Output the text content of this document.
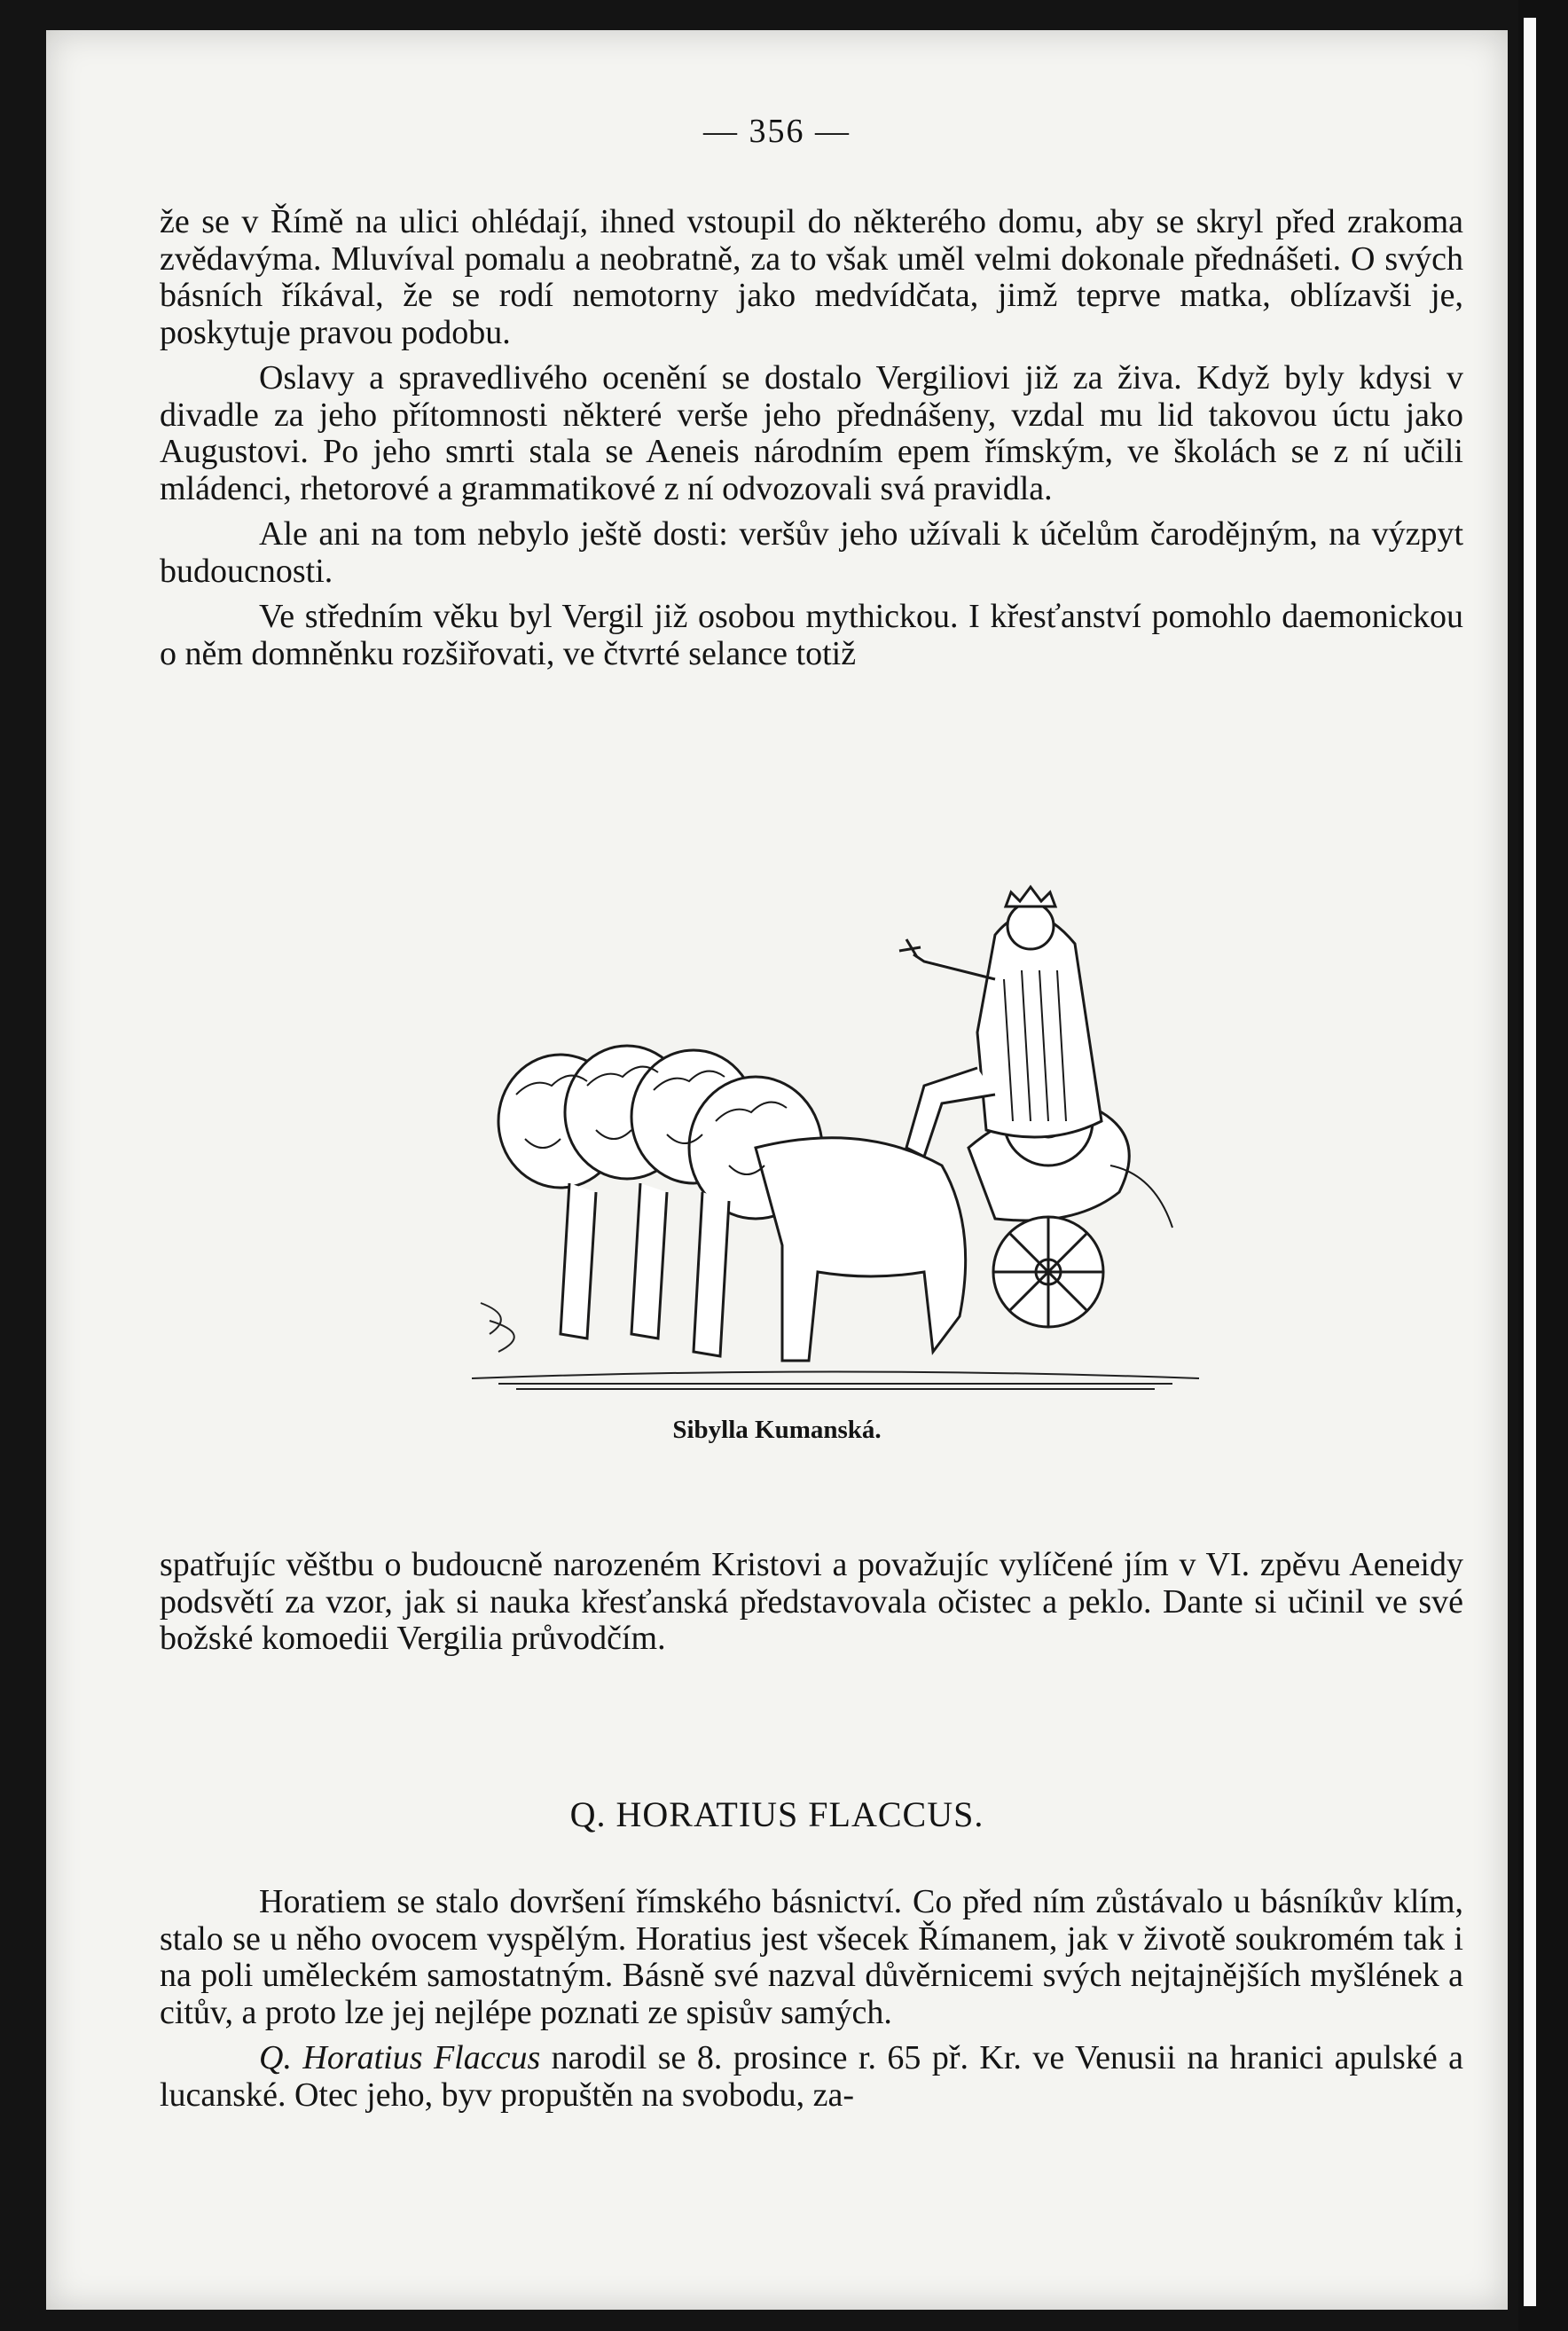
— 356 —

že se v Římě na ulici ohlédají, ihned vstoupil do některého domu, aby se skryl před zrakoma zvědavýma. Mluvíval pomalu a neobratně, za to však uměl velmi dokonale přednášeti. O svých básních říkával, že se rodí nemotorny jako medvídčata, jimž teprve matka, oblízavši je, poskytuje pravou podobu.

Oslavy a spravedlivého ocenění se dostalo Vergiliovi již za živa. Když byly kdysi v divadle za jeho přítomnosti některé verše jeho přednášeny, vzdal mu lid takovou úctu jako Augustovi. Po jeho smrti stala se Aeneis národním epem římským, ve školách se z ní učili mládenci, rhetorové a grammatikové z ní odvozovali svá pravidla.

Ale ani na tom nebylo ještě dosti: veršův jeho užívali k účelům čarodějným, na výzpyt budoucnosti.

Ve středním věku byl Vergil již osobou mythickou. I křesťanství pomohlo daemonickou o něm domněnku rozšiřovati, ve čtvrté selance totiž

Sibylla Kumanská.

spatřujíc věštbu o budoucně narozeném Kristovi a považujíc vylíčené jím v VI. zpěvu Aeneidy podsvětí za vzor, jak si nauka křesťanská představovala očistec a peklo. Dante si učinil ve své božské komoedii Vergilia průvodčím.

Q. HORATIUS FLACCUS.

Horatiem se stalo dovršení římského básnictví. Co před ním zůstávalo u básníkův klím, stalo se u něho ovocem vyspělým. Horatius jest všecek Římanem, jak v životě soukromém tak i na poli uměleckém samostatným. Básně své nazval důvěrnicemi svých nejtajnějších myšlének a citův, a proto lze jej nejlépe poznati ze spisův samých.

Q. Horatius Flaccus narodil se 8. prosince r. 65 př. Kr. ve Venusii na hranici apulské a lucanské. Otec jeho, byv propuštěn na svobodu, za-
